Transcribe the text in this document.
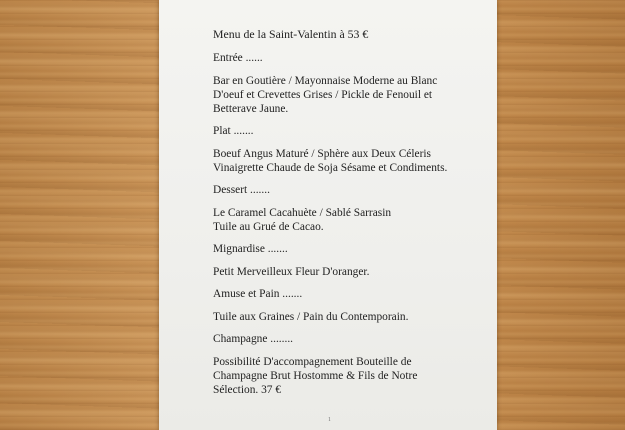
Menu de la Saint-Valentin à 53 €
Entrée ......
Bar en Goutière / Mayonnaise Moderne au Blanc
D'oeuf et Crevettes Grises / Pickle de Fenouil et
Betterave Jaune.
Plat .......
Boeuf Angus Maturé / Sphère aux Deux Céleris
Vinaigrette Chaude de Soja Sésame et Condiments.
Dessert .......
Le Caramel Cacahuète / Sablé Sarrasin
Tuile au Grué de Cacao.
Mignardise .......
Petit Merveilleux Fleur D'oranger.
Amuse et Pain .......
Tuile aux Graines / Pain du Contemporain.
Champagne ........
Possibilité D'accompagnement Bouteille de
Champagne Brut Hostomme & Fils de Notre
Sélection. 37 €
1
